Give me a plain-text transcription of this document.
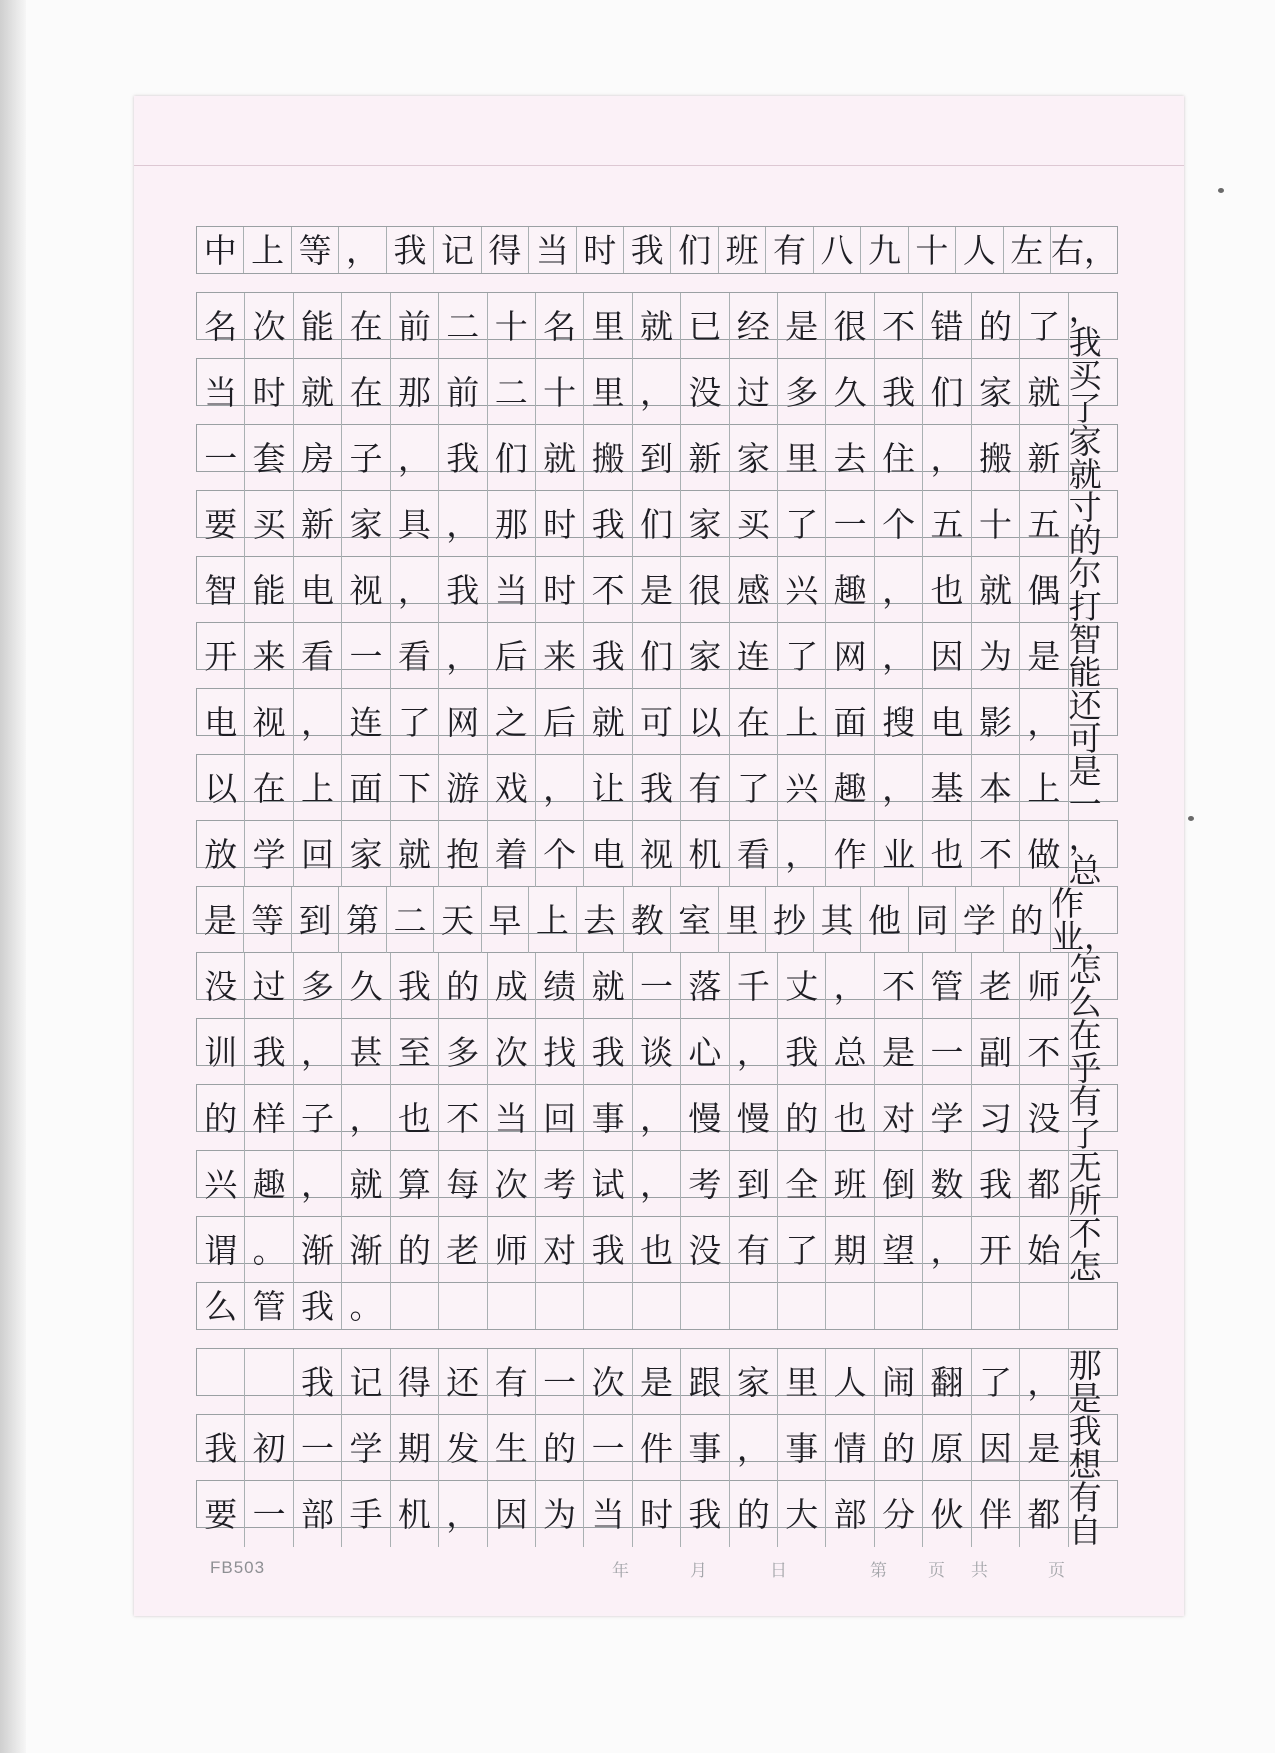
中 上 等 ， 我 记 得 当 时 我 们 班 有 八 九 十 人 左 右，
名 次 能 在 前 二 十 名 里 就 已 经 是 很 不 错 的 了 ，我
当 时 就 在 那 前 二 十 里 ， 没 过 多 久 我 们 家 就 买了
一 套 房 子 ， 我 们 就 搬 到 新 家 里 去 住 ， 搬 新 家就
要 买 新 家 具 ， 那 时 我 们 家 买 了 一 个 五 十 五 寸的
智 能 电 视 ， 我 当 时 不 是 很 感 兴 趣 ， 也 就 偶 尔打
开 来 看 一 看 ， 后 来 我 们 家 连 了 网 ， 因 为 是 智能
电 视 ， 连 了 网 之 后 就 可 以 在 上 面 搜 电 影 ， 还可
以 在 上 面 下 游 戏 ， 让 我 有 了 兴 趣 ， 基 本 上 是一
放 学 回 家 就 抱 着 个 电 视 机 看 ， 作 业 也 不 做 ，总
是 等 到 第 二 天 早 上 去 教 室 里 抄 其 他 同 学 的 作业，
没 过 多 久 我 的 成 绩 就 一 落 千 丈 ， 不 管 老 师 怎么
训 我 ， 甚 至 多 次 找 我 谈 心 ， 我 总 是 一 副 不 在乎
的 样 子 ， 也 不 当 回 事 ， 慢 慢 的 也 对 学 习 没 有了
兴 趣 ， 就 算 每 次 考 试 ， 考 到 全 班 倒 数 我 都 无所
谓 。 渐 渐 的 老 师 对 我 也 没 有 了 期 望 ， 开 始 不怎
么 管 我 。
我 记 得 还 有 一 次 是 跟 家 里 人 闹 翻 了 ， 那是
我 初 一 学 期 发 生 的 一 件 事 ， 事 情 的 原 因 是 我想
要 一 部 手 机 ， 因 为 当 时 我 的 大 部 分 伙 伴 都 有自
FB503	年	月	日	第 页共 页
